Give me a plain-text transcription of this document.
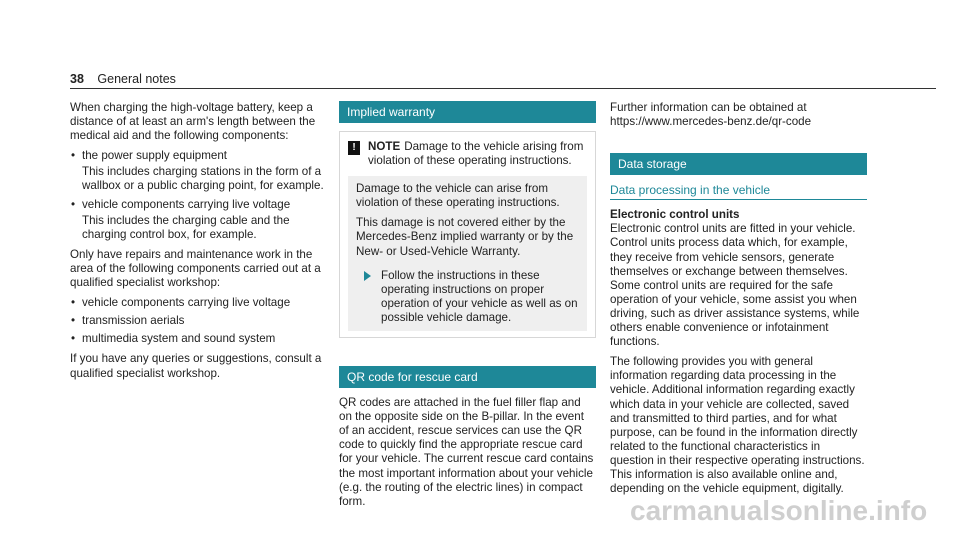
38 General notes

When charging the high-voltage battery, keep a distance of at least an arm's length between the medical aid and the following components:

• the power supply equipment
This includes charging stations in the form of a wallbox or a public charging point, for example.
• vehicle components carrying live voltage
This includes the charging cable and the charging control box, for example.

Only have repairs and maintenance work in the area of the following components carried out at a qualified specialist workshop:

• vehicle components carrying live voltage
• transmission aerials
• multimedia system and sound system

If you have any queries or suggestions, consult a qualified specialist workshop.

Implied warranty
!	NOTE Damage to the vehicle arising from violation of these operating instructions.

Damage to the vehicle can arise from violation of these operating instructions.

This damage is not covered either by the Mercedes-Benz implied warranty or by the New- or Used-Vehicle Warranty.

Follow the instructions in these operating instructions on proper operation of your vehicle as well as on possible vehicle damage.
QR code for rescue card

QR codes are attached in the fuel filler flap and on the opposite side on the B-pillar. In the event of an accident, rescue services can use the QR code to quickly find the appropriate rescue card for your vehicle. The current rescue card contains the most important information about your vehicle (e.g. the routing of the electric lines) in compact form.

Further information can be obtained at https://www.mercedes-benz.de/qr-code

Data storage
Data processing in the vehicle
Electronic control units

Electronic control units are fitted in your vehicle. Control units process data which, for example, they receive from vehicle sensors, generate themselves or exchange between themselves. Some control units are required for the safe operation of your vehicle, some assist you when driving, such as driver assistance systems, while others enable convenience or infotainment functions.

The following provides you with general information regarding data processing in the vehicle. Additional information regarding exactly which data in your vehicle are collected, saved and transmitted to third parties, and for what purpose, can be found in the information directly related to the functional characteristics in question in their respective operating instructions. This information is also available online and, depending on the vehicle equipment, digitally.

carmanualsonline.info
